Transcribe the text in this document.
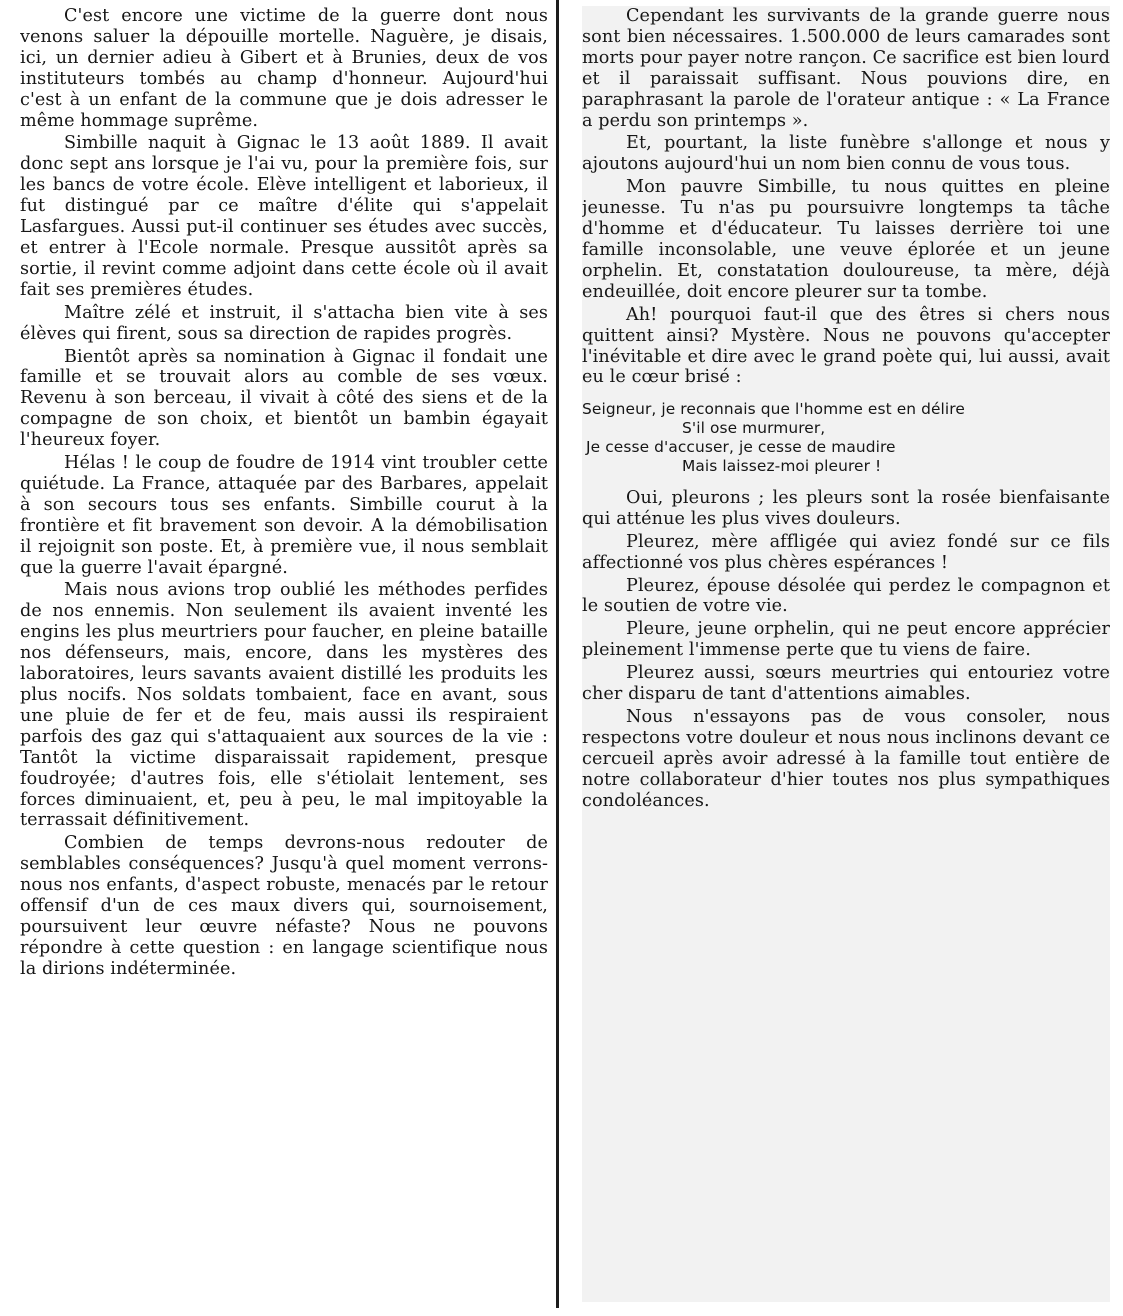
C'est encore une victime de la guerre dont nous venons saluer la dépouille mortelle. Naguère, je disais, ici, un dernier adieu à Gibert et à Brunies, deux de vos instituteurs tombés au champ d'honneur. Aujourd'hui c'est à un enfant de la commune que je dois adresser le même hommage suprême.

Simbille naquit à Gignac le 13 août 1889. Il avait donc sept ans lorsque je l'ai vu, pour la première fois, sur les bancs de votre école. Elève intelligent et laborieux, il fut distingué par ce maître d'élite qui s'appelait Lasfargues. Aussi put-il continuer ses études avec succès, et entrer à l'Ecole normale. Presque aussitôt après sa sortie, il revint comme adjoint dans cette école où il avait fait ses premières études.

Maître zélé et instruit, il s'attacha bien vite à ses élèves qui firent, sous sa direction de rapides progrès.

Bientôt après sa nomination à Gignac il fondait une famille et se trouvait alors au comble de ses vœux. Revenu à son berceau, il vivait à côté des siens et de la compagne de son choix, et bientôt un bambin égayait l'heureux foyer.

Hélas ! le coup de foudre de 1914 vint troubler cette quiétude. La France, attaquée par des Barbares, appelait à son secours tous ses enfants. Simbille courut à la frontière et fit bravement son devoir. A la démobilisation il rejoignit son poste. Et, à première vue, il nous semblait que la guerre l'avait épargné.

Mais nous avions trop oublié les méthodes perfides de nos ennemis. Non seulement ils avaient inventé les engins les plus meurtriers pour faucher, en pleine bataille nos défenseurs, mais, encore, dans les mystères des laboratoires, leurs savants avaient distillé les produits les plus nocifs. Nos soldats tombaient, face en avant, sous une pluie de fer et de feu, mais aussi ils respiraient parfois des gaz qui s'attaquaient aux sources de la vie : Tantôt la victime disparaissait rapidement, presque foudroyée; d'autres fois, elle s'étiolait lentement, ses forces diminuaient, et, peu à peu, le mal impitoyable la terrassait définitivement.

Combien de temps devrons-nous redouter de semblables conséquences? Jusqu'à quel moment verrons-nous nos enfants, d'aspect robuste, menacés par le retour offensif d'un de ces maux divers qui, sournoisement, poursuivent leur œuvre néfaste? Nous ne pouvons répondre à cette question : en langage scientifique nous la dirions indéterminée.

Cependant les survivants de la grande guerre nous sont bien nécessaires. 1.500.000 de leurs camarades sont morts pour payer notre rançon. Ce sacrifice est bien lourd et il paraissait suffisant. Nous pouvions dire, en paraphrasant la parole de l'orateur antique : « La France a perdu son printemps ».

Et, pourtant, la liste funèbre s'allonge et nous y ajoutons aujourd'hui un nom bien connu de vous tous.

Mon pauvre Simbille, tu nous quittes en pleine jeunesse. Tu n'as pu poursuivre longtemps ta tâche d'homme et d'éducateur. Tu laisses derrière toi une famille inconsolable, une veuve éplorée et un jeune orphelin. Et, constatation douloureuse, ta mère, déjà endeuillée, doit encore pleurer sur ta tombe.

Ah! pourquoi faut-il que des êtres si chers nous quittent ainsi? Mystère. Nous ne pouvons qu'accepter l'inévitable et dire avec le grand poète qui, lui aussi, avait eu le cœur brisé :

Seigneur, je reconnais que l'homme est en délire
S'il ose murmurer,
Je cesse d'accuser, je cesse de maudire
Mais laissez-moi pleurer !

Oui, pleurons ; les pleurs sont la rosée bienfaisante qui atténue les plus vives douleurs.

Pleurez, mère affligée qui aviez fondé sur ce fils affectionné vos plus chères espérances !

Pleurez, épouse désolée qui perdez le compagnon et le soutien de votre vie.

Pleure, jeune orphelin, qui ne peut encore apprécier pleinement l'immense perte que tu viens de faire.

Pleurez aussi, sœurs meurtries qui entouriez votre cher disparu de tant d'attentions aimables.

Nous n'essayons pas de vous consoler, nous respectons votre douleur et nous nous inclinons devant ce cercueil après avoir adressé à la famille tout entière de notre collaborateur d'hier toutes nos plus sympathiques condoléances.
